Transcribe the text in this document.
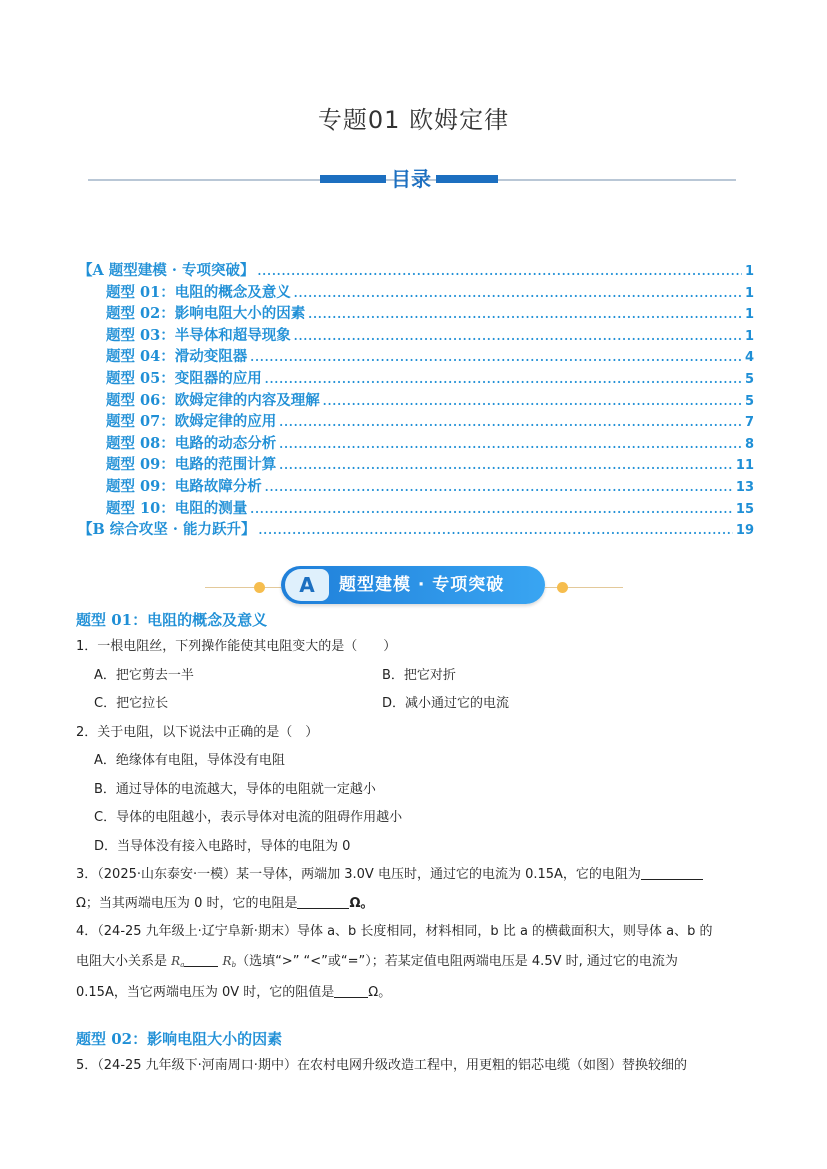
专题01 欧姆定律
目录
【A 题型建模 · 专项突破】 .....	1
题型 01：电阻的概念及意义 .....	1
题型 02：影响电阻大小的因素 .....	1
题型 03：半导体和超导现象 .....	1
题型 04：滑动变阻器 .....	4
题型 05：变阻器的应用 .....	5
题型 06：欧姆定律的内容及理解 .....	5
题型 07：欧姆定律的应用 .....	7
题型 08：电路的动态分析 .....	8
题型 09：电路的范围计算 .....	11
题型 09：电路故障分析 .....	13
题型 10：电阻的测量 .....	15
【B 综合攻坚 · 能力跃升】 .....	19
A	题型建模 · 专项突破
题型 01：电阻的概念及意义
1．一根电阻丝，下列操作能使其电阻变大的是（　　）
A．把它剪去一半	B．把它对折
C．把它拉长	D．减小通过它的电流
2．关于电阻，以下说法中正确的是（　）
A．绝缘体有电阻，导体没有电阻
B．通过导体的电流越大，导体的电阻就一定越小
C．导体的电阻越小，表示导体对电流的阻碍作用越小
D．当导体没有接入电路时，导体的电阻为 0
3．（2025·山东泰安·一模）某一导体，两端加 3.0V 电压时，通过它的电流为 0.15A，它的电阻为
Ω；当其两端电压为 0 时，它的电阻是	Ω。
4．（24-25 九年级上·辽宁阜新·期末）导体 a、b 长度相同，材料相同，b 比 a 的横截面积大，则导体 a、b 的
电阻大小关系是 Ra	Rb（选填“>” “<”或“=”）；若某定值电阻两端电压是 4.5V 时, 通过它的电流为
0.15A，当它两端电压为 0V 时，它的阻值是	Ω。
题型 02：影响电阻大小的因素
5．（24-25 九年级下·河南周口·期中）在农村电网升级改造工程中，用更粗的铝芯电缆（如图）替换较细的
